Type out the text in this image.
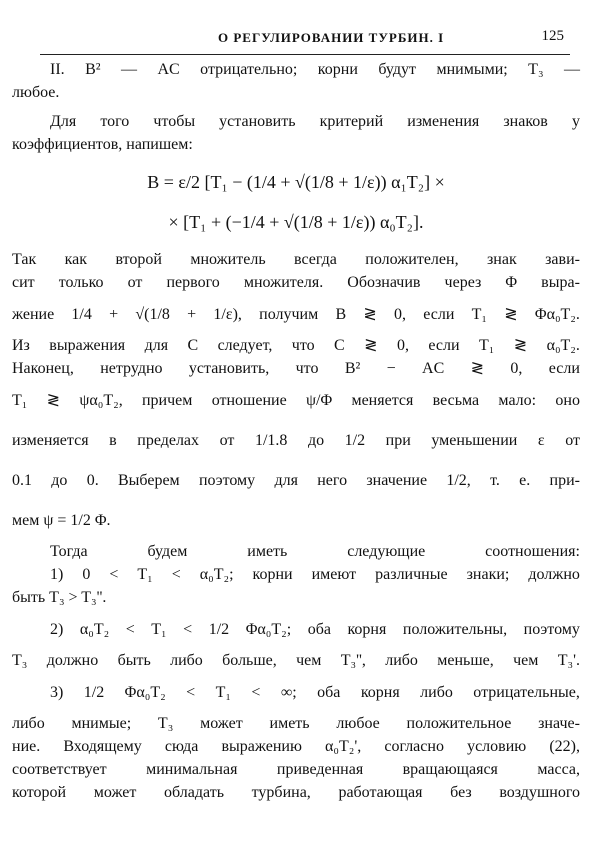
О РЕГУЛИРОВАНИИ ТУРБИН. I	125
II. B² — AC отрицательно; корни будут мнимыми; T₃ —
любое.
Для того чтобы установить критерий изменения знаков у
коэффициентов, напишем:
B = ε/2 [T₁ − (1/4 + √(1/8 + 1/ε)) α₁T₂] ×
× [T₁ + (−1/4 + √(1/8 + 1/ε)) α₀T₂].
Так как второй множитель всегда положителен, знак зави-
сит только от первого множителя. Обозначив через Φ выра-
жение 1/4 + √(1/8 + 1/ε), получим B ≷ 0, если T₁ ≷ Φα₀T₂.
Из выражения для C следует, что C ≷ 0, если T₁ ≷ α₀T₂.
Наконец, нетрудно установить, что B² − AC ≷ 0, если
T₁ ≷ ψα₀T₂, причем отношение ψ/Φ меняется весьма мало: оно
изменяется в пределах от 1/1.8 до 1/2 при уменьшении ε от
0.1 до 0. Выберем поэтому для него значение 1/2, т. е. при-
мем ψ = 1/2 Φ.
Тогда	будем	иметь	следующие	соотношения:
1) 0 < T₁ < α₀T₂; корни имеют различные знаки; должно
быть T₃ > T₃''.
2) α₀T₂ < T₁ < 1/2 Φα₀T₂; оба корня положительны, поэтому
T₃ должно быть либо больше, чем T₃'', либо меньше, чем T₃'.
3) 1/2 Φα₀T₂ < T₁ < ∞; оба корня либо отрицательные,
либо мнимые; T₃ может иметь любое положительное значе-
ние. Входящему сюда выражению α₀T₂', согласно условию (22),
соответствует минимальная приведенная вращающаяся масса,
которой может обладать турбина, работающая без воздушного
